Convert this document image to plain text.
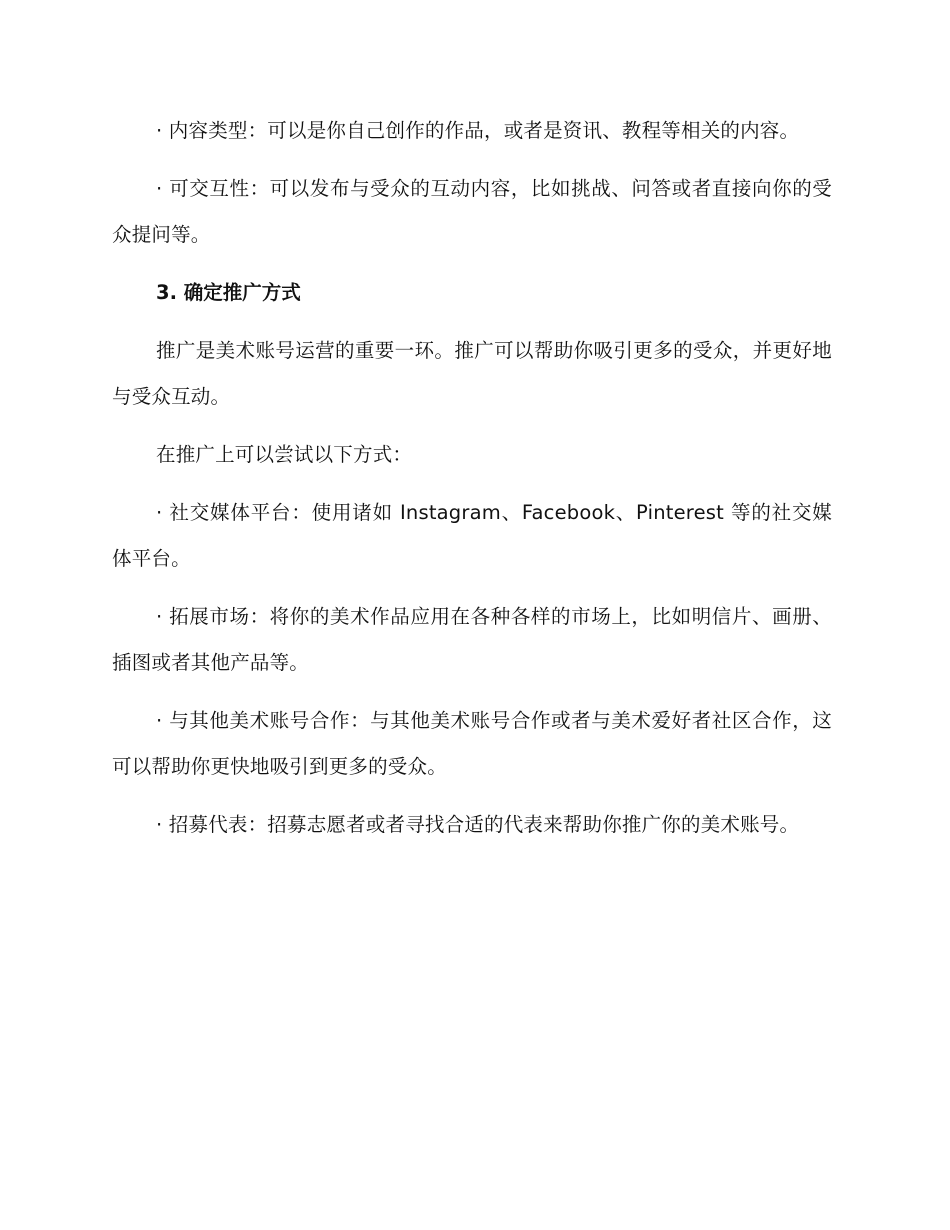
· 内容类型：可以是你自己创作的作品，或者是资讯、教程等相关的内容。

· 可交互性：可以发布与受众的互动内容，比如挑战、问答或者直接向你的受众提问等。

3. 确定推广方式

推广是美术账号运营的重要一环。推广可以帮助你吸引更多的受众，并更好地与受众互动。

在推广上可以尝试以下方式：

· 社交媒体平台：使用诸如 Instagram、Facebook、Pinterest 等的社交媒体平台。

· 拓展市场：将你的美术作品应用在各种各样的市场上，比如明信片、画册、插图或者其他产品等。

· 与其他美术账号合作：与其他美术账号合作或者与美术爱好者社区合作，这可以帮助你更快地吸引到更多的受众。

· 招募代表：招募志愿者或者寻找合适的代表来帮助你推广你的美术账号。
